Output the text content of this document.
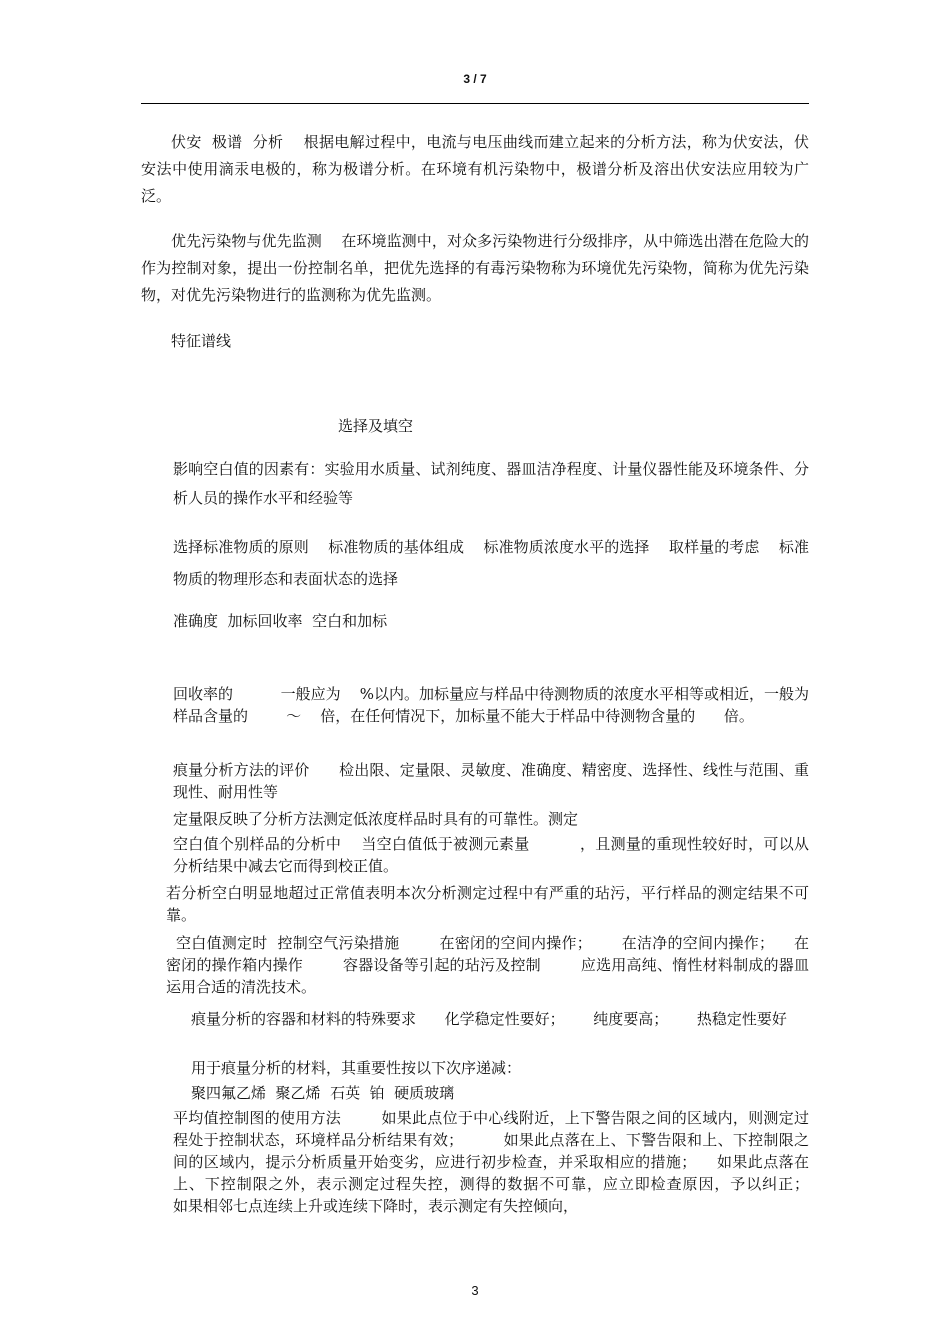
3 / 7

伏安  极谱  分析    根据电解过程中，电流与电压曲线而建立起来的分析方法，称为伏安法，伏安法中使用滴汞电极的，称为极谱分析。在环境有机污染物中，极谱分析及溶出伏安法应用较为广泛。

优先污染物与优先监测    在环境监测中，对众多污染物进行分级排序，从中筛选出潜在危险大的作为控制对象，提出一份控制名单，把优先选择的有毒污染物称为环境优先污染物，简称为优先污染物，对优先污染物进行的监测称为优先监测。

特征谱线

选择及填空

影响空白值的因素有：实验用水质量、试剂纯度、器皿洁净程度、计量仪器性能及环境条件、分析人员的操作水平和经验等

选择标准物质的原则    标准物质的基体组成    标准物质浓度水平的选择    取样量的考虑    标准物质的物理形态和表面状态的选择

准确度  加标回收率  空白和加标

回收率的          一般应为    %以内。加标量应与样品中待测物质的浓度水平相等或相近，一般为样品含量的        ～    倍，在任何情况下，加标量不能大于样品中待测物含量的      倍。

痕量分析方法的评价      检出限、定量限、灵敏度、准确度、精密度、选择性、线性与范围、重现性、耐用性等

定量限反映了分析方法测定低浓度样品时具有的可靠性。测定

空白值个别样品的分析中    当空白值低于被测元素量          ，且测量的重现性较好时，可以从分析结果中减去它而得到校正值。

若分析空白明显地超过正常值表明本次分析测定过程中有严重的玷污，平行样品的测定结果不可靠。

空白值测定时  控制空气污染措施        在密闭的空间内操作；      在洁净的空间内操作；    在密闭的操作箱内操作        容器设备等引起的玷污及控制        应选用高纯、惰性材料制成的器皿        运用合适的清洗技术。

痕量分析的容器和材料的特殊要求      化学稳定性要好；      纯度要高；      热稳定性要好

用于痕量分析的材料，其重要性按以下次序递减：

聚四氟乙烯  聚乙烯  石英  铂  硬质玻璃

平均值控制图的使用方法        如果此点位于中心线附近，上下警告限之间的区域内，则测定过程处于控制状态，环境样品分析结果有效；        如果此点落在上、下警告限和上、下控制限之间的区域内，提示分析质量开始变劣，应进行初步检查，并采取相应的措施；    如果此点落在上、下控制限之外，表示测定过程失控，测得的数据不可靠，应立即检查原因，予以纠正；        如果相邻七点连续上升或连续下降时，表示测定有失控倾向，

3
